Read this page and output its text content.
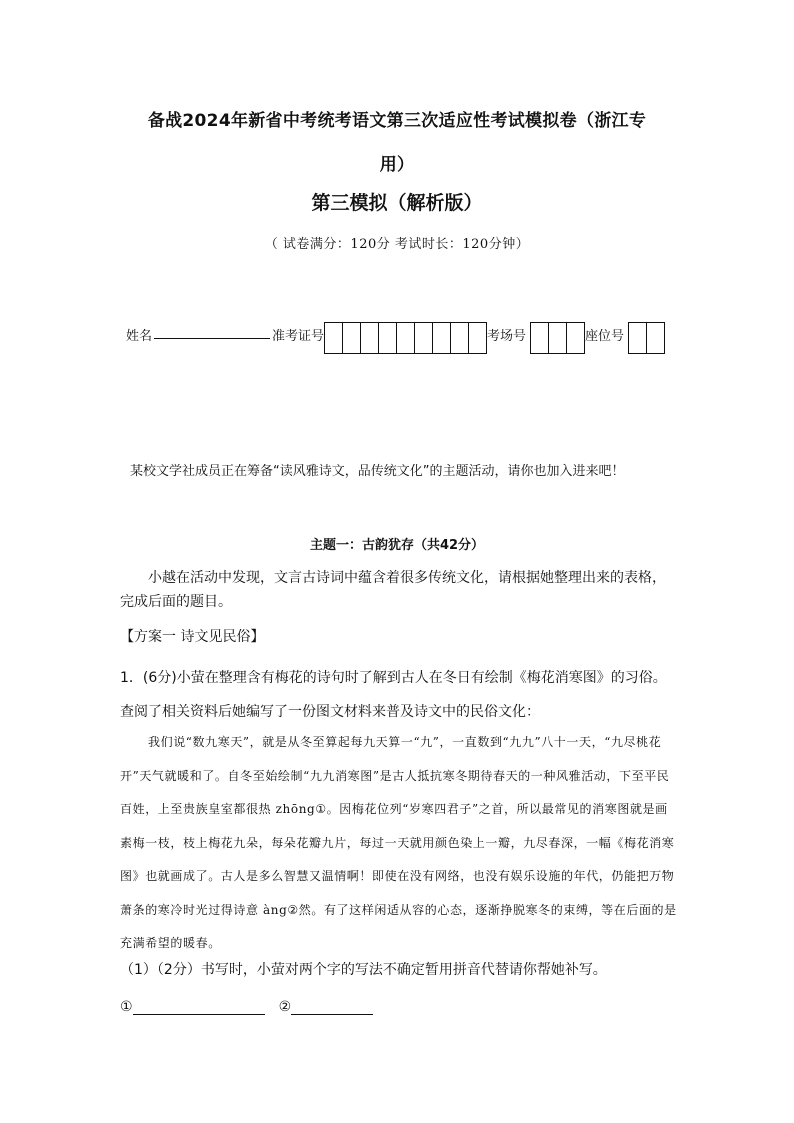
备战2024年新省中考统考语文第三次适应性考试模拟卷（浙江专
用）
第三模拟（解析版）
（ 试卷满分：120分 考试时长：120分钟）
姓名	准考证号	考场号	座位号
某校文学社成员正在筹备“读风雅诗文，品传统文化”的主题活动，请你也加入进来吧！
主题一：古韵犹存（共42分）
小越在活动中发现，文言古诗词中蕴含着很多传统文化，请根据她整理出来的表格，完成后面的题目。
【方案一 诗文见民俗】
1．(6分)小萤在整理含有梅花的诗句时了解到古人在冬日有绘制《梅花消寒图》的习俗。
查阅了相关资料后她编写了一份图文材料来普及诗文中的民俗文化：
我们说“数九寒天”，就是从冬至算起每九天算一“九”，一直数到“九九”八十一天，“九尽桃花开”天气就暖和了。自冬至始绘制“九九消寒图”是古人抵抗寒冬期待春天的一种风雅活动，下至平民百姓，上至贵族皇室都很热 zhōng①。因梅花位列“岁寒四君子”之首，所以最常见的消寒图就是画素梅一枝，枝上梅花九朵，每朵花瓣九片，每过一天就用颜色染上一瓣，九尽春深，一幅《梅花消寒图》也就画成了。古人是多么智慧又温情啊！即使在没有网络，也没有娱乐设施的年代，仍能把万物萧条的寒冷时光过得诗意 àng②然。有了这样闲适从容的心态，逐渐挣脱寒冬的束缚，等在后面的是充满希望的暖春。
（1）（2分）书写时，小萤对两个字的写法不确定暂用拼音代替请你帮她补写。
①	②
